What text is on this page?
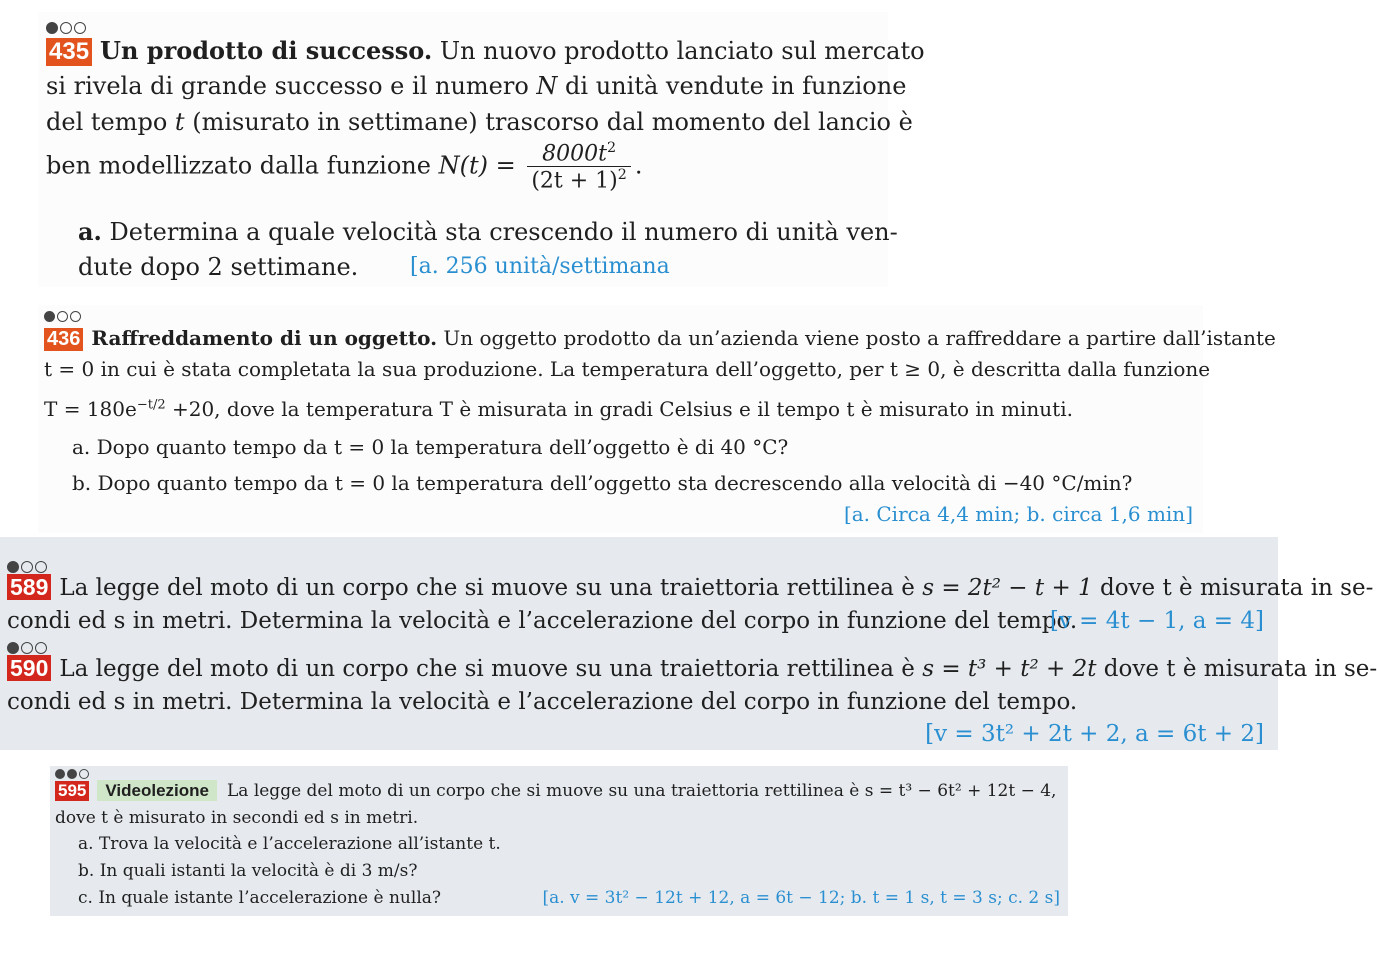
435 Un prodotto di successo. Un nuovo prodotto lanciato sul mercato
si rivela di grande successo e il numero N di unità vendute in funzione
del tempo t (misurato in settimane) trascorso dal momento del lancio è
ben modellizzato dalla funzione $N(t) = \frac{8000t^2}{(2t + 1)^2}$ .
a. Determina a quale velocità sta crescendo il numero di unità ven-
dute dopo 2 settimane. [a. 256 unità/settimana
436 Raffreddamento di un oggetto. Un oggetto prodotto da un’azienda viene posto a raffreddare a partire dall’istante
t = 0 in cui è stata completata la sua produzione. La temperatura dell’oggetto, per t ≥ 0, è descritta dalla funzione
$T = 180e^{-t/2} +20$, dove la temperatura T è misurata in gradi Celsius e il tempo t è misurato in minuti.
a. Dopo quanto tempo da t = 0 la temperatura dell’oggetto è di 40 °C?
b. Dopo quanto tempo da t = 0 la temperatura dell’oggetto sta decrescendo alla velocità di −40 °C/min?
[a. Circa 4,4 min; b. circa 1,6 min]
589 La legge del moto di un corpo che si muove su una traiettoria rettilinea è s = 2t² − t + 1 dove t è misurata in se-
condi ed s in metri. Determina la velocità e l’accelerazione del corpo in funzione del tempo.
[v = 4t − 1, a = 4]
590 La legge del moto di un corpo che si muove su una traiettoria rettilinea è s = t³ + t² + 2t dove t è misurata in se-
condi ed s in metri. Determina la velocità e l’accelerazione del corpo in funzione del tempo.
[v = 3t² + 2t + 2, a = 6t + 2]
595 Videolezione La legge del moto di un corpo che si muove su una traiettoria rettilinea è s = t³ − 6t² + 12t − 4,
dove t è misurato in secondi ed s in metri.
a. Trova la velocità e l’accelerazione all’istante t.
b. In quali istanti la velocità è di 3 m/s?
c. In quale istante l’accelerazione è nulla?	[a. v = 3t² − 12t + 12, a = 6t − 12; b. t = 1 s, t = 3 s; c. 2 s]
